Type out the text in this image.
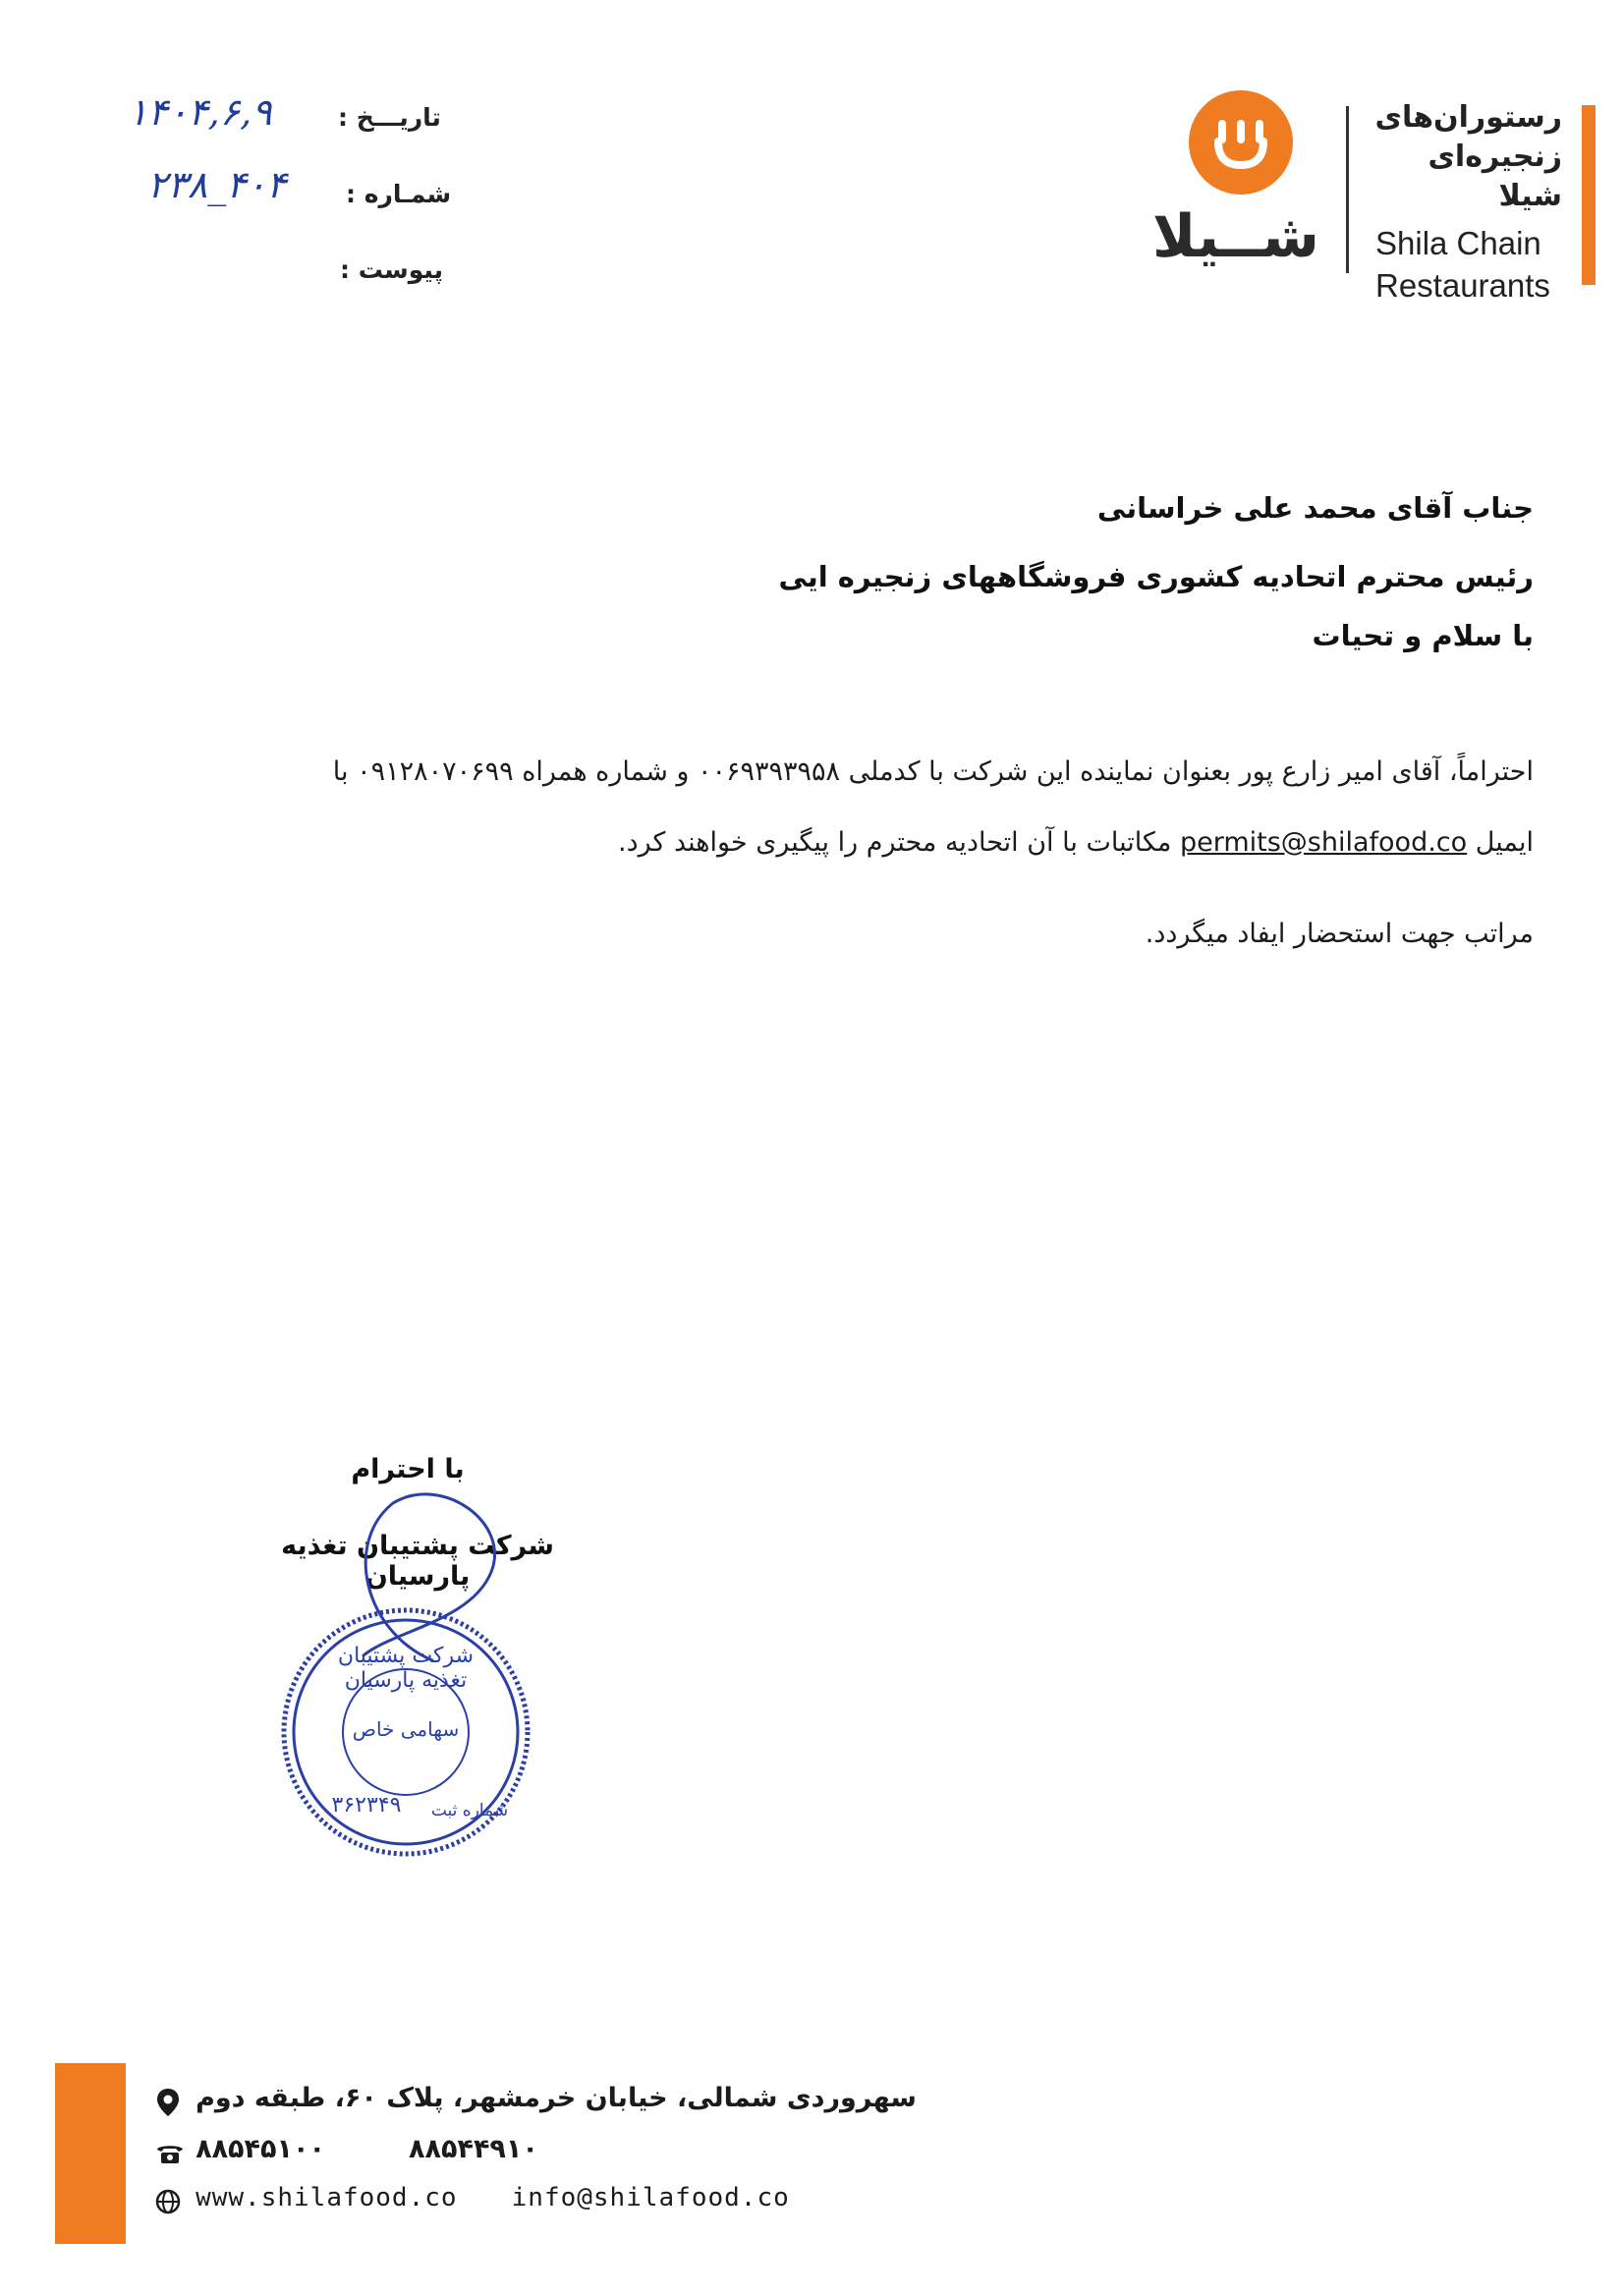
تاریـــخ :
۱۴۰۴,۶,۹
شمـاره :
۴۰۴_۲۳۸
پیوست :	شــیلا
رستوران‌های
زنجیره‌ای شیلا
Shila Chain
Restaurants
جناب آقای محمد علی خراسانی
رئیس محترم اتحادیه کشوری فروشگاههای زنجیره ایی
با سلام و تحیات
احتراماً، آقای امیر زارع پور بعنوان نماینده این شرکت با کدملی ۰۰۶۹۳۹۳۹۵۸ و شماره همراه ۰۹۱۲۸۰۷۰۶۹۹ با
ایمیل permits@shilafood.co مکاتبات با آن اتحادیه محترم را پیگیری خواهند کرد.
مراتب جهت استحضار ایفاد میگردد.
با احترام
شرکت پشتیبان تغذیه پارسیان
شرکت پشتیبان تغذیه پارسیان
سهامی خاص
شماره ثبت
۳۶۲۳۴۹
سهروردی شمالی، خیابان خرمشهر، پلاک ۶۰، طبقه دوم
۸۸۵۴۵۱۰۰	۸۸۵۴۴۹۱۰
www.shilafood.co info@shilafood.co
